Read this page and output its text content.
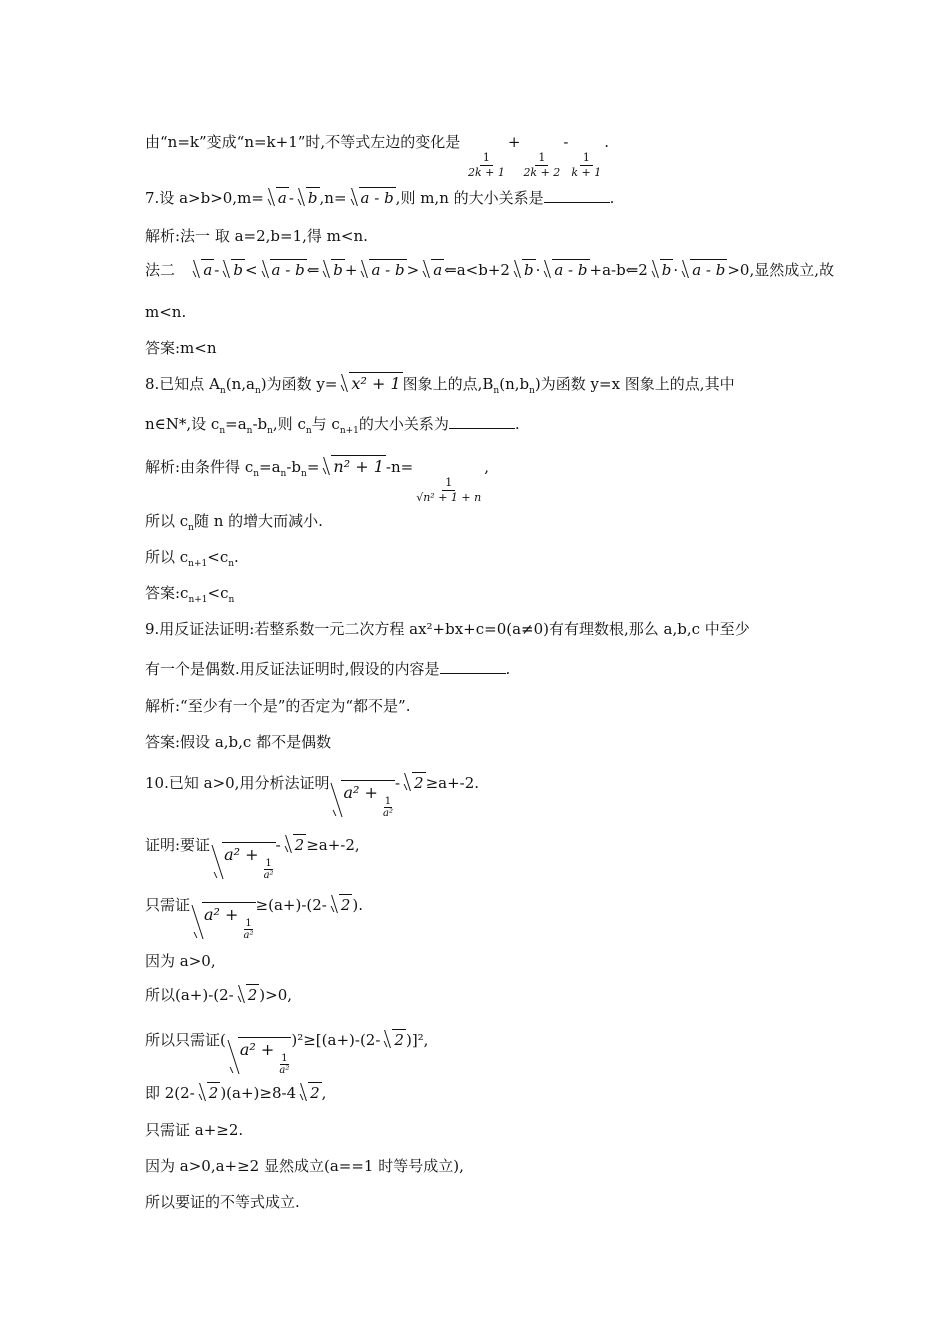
由“n=k”变成“n=k+1”时,不等式左边的变化是
$\frac{1}{2k + 1}$
+
$\frac{1}{2k + 2}$
-
$\frac{1}{k + 1}$
.
7.设 a>b>0,m= a - b ,n= a - b ,则 m,n 的大小关系是	.
解析:法一 取 a=2,b=1,得 m<n.
法二 a - b < a - b ⇐ b + a - b > a ⇐a<b+2 b · a - b +a-b⇐2 b · a - b >0,显然成立,故
m<n.
答案:m<n
8.已知点 $A_n(n,a_n)$为函数 y= x² + 1 图象上的点$,B_n(n,b_n)$为函数 y=x 图象上的点,其中
n∈N*,设 $c_n=a_n-b_n$,则 $c_n$与 $c_{n+1}$的大小关系为	.
解析:由条件得 $c_n=a_n-b_n= n^2 + 1$ -n=
$\frac{1}{\text{√n² + 1 + n}}$
,
所以 $c_n$随 n 的增大而减小.
所以 $c_{n+1}<c_n$.
答案$:c_{n+1}<c_n$
9.用反证法证明:若整系数一元二次方程 ax²+bx+c=0(a≠0)有有理数根,那么 a,b,c 中至少
有一个是偶数.用反证法证明时,假设的内容是	.
解析:“至少有一个是”的否定为“都不是”.
答案:假设 a,b,c 都不是偶数
10.已知 a>0,用分析法证明 a² +
$\frac{1}{\text{a²}}$
- 2 ≥a+-2.
证明:要证 a² +
$\frac{1}{\text{a²}}$
- 2 ≥a+-2,
只需证 a² +
$\frac{1}{\text{a²}}$
≥(a+)-(2- 2 ).
因为 a>0,
所以(a+)-(2- 2 )>0,
所以只需证( a² +
$\frac{1}{\text{a²}}$
)²≥[(a+)-(2- 2 )]²,
即 2(2- 2 )(a+)≥8-4 2 ,
只需证 a+≥2.
因为 a>0,a+≥2 显然成立(a==1 时等号成立),
所以要证的不等式成立.
